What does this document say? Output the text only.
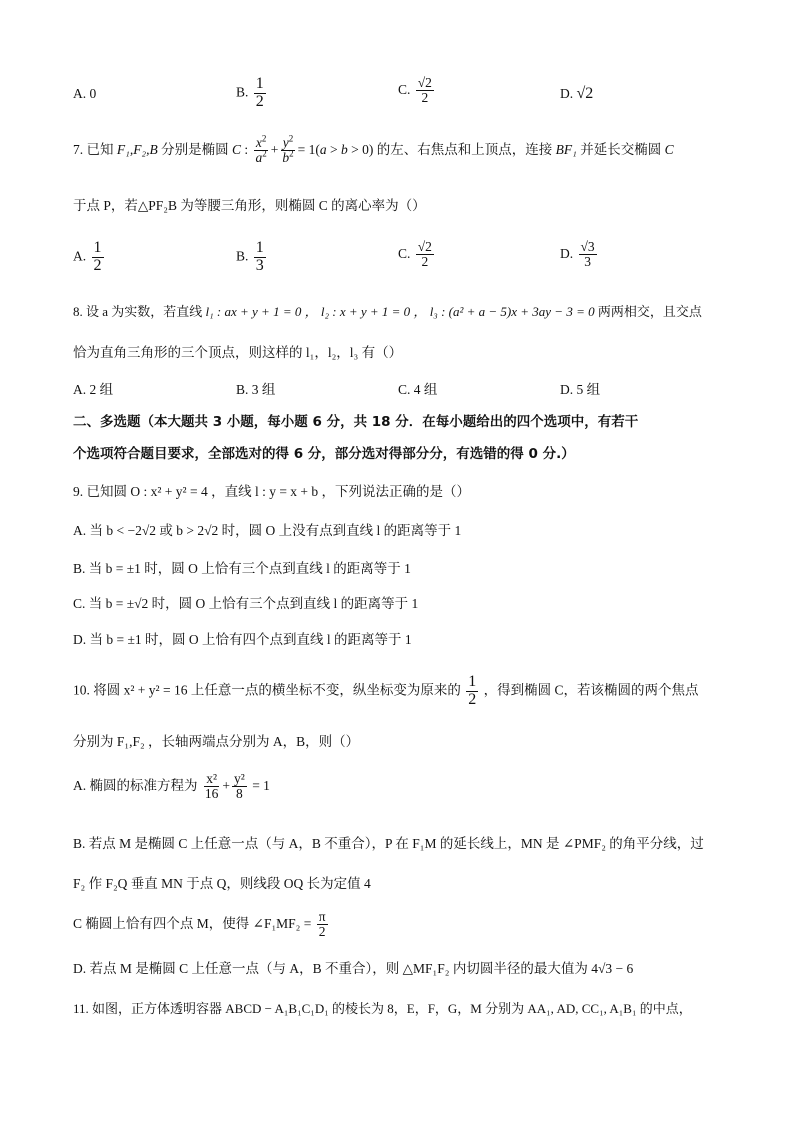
A. 0	B. $\frac{1}{2}$	C. $\frac{√2}{2}$	D. √2
7. 已知 F₁,F₂,B 分别是椭圆 C : $\frac{x^2}{a^2} + \frac{y^2}{b^2} = 1(a > b > 0)$ 的左、右焦点和上顶点，连接 BF₁ 并延长交椭圆 C
于点 P，若△PF₂B 为等腰三角形，则椭圆 C 的离心率为（）
A. $\frac{1}{2}$	B. $\frac{1}{3}$	C. $\frac{√2}{2}$	D. $\frac{√3}{3}$
8. 设 a 为实数，若直线 l₁ : ax + y + 1 = 0 ， l₂ : x + y + 1 = 0 ， l₃ : (a² + a − 5)x + 3ay − 3 = 0 两两相交，且交点
恰为直角三角形的三个顶点，则这样的 l₁，l₂，l₃ 有（）
A. 2 组	B. 3 组	C. 4 组	D. 5 组
二、多选题（本大题共 3 小题，每小题 6 分，共 18 分．在每小题给出的四个选项中，有若干
个选项符合题目要求，全部选对的得 6 分，部分选对得部分分，有选错的得 0 分.）
9. 已知圆 O : x² + y² = 4 ，直线 l : y = x + b ，下列说法正确的是（）
A. 当 b < −2√2 或 b > 2√2 时，圆 O 上没有点到直线 l 的距离等于 1
B. 当 b = ±1 时，圆 O 上恰有三个点到直线 l 的距离等于 1
C. 当 b = ±√2 时，圆 O 上恰有三个点到直线 l 的距离等于 1
D. 当 b = ±1 时，圆 O 上恰有四个点到直线 l 的距离等于 1
10. 将圆 x² + y² = 16 上任意一点的横坐标不变，纵坐标变为原来的 $\frac{1}{2}$ ，得到椭圆 C，若该椭圆的两个焦点
分别为 F₁,F₂ ，长轴两端点分别为 A，B，则（）
A. 椭圆的标准方程为 $\frac{\text{x²}}{16} + \frac{\text{y²}}{8} = 1$
B. 若点 M 是椭圆 C 上任意一点（与 A，B 不重合），P 在 F₁M 的延长线上，MN 是 ∠PMF₂ 的角平分线，过
F₂ 作 F₂Q 垂直 MN 于点 Q，则线段 OQ 长为定值 4
C 椭圆上恰有四个点 M，使得 ∠F₁MF₂ = $\frac{\pi}{2}$
D. 若点 M 是椭圆 C 上任意一点（与 A，B 不重合），则 △MF₁F₂ 内切圆半径的最大值为 4√3 − 6
11. 如图，正方体透明容器 ABCD − A₁B₁C₁D₁ 的棱长为 8，E，F，G，M 分别为 AA₁, AD, CC₁, A₁B₁ 的中点，
